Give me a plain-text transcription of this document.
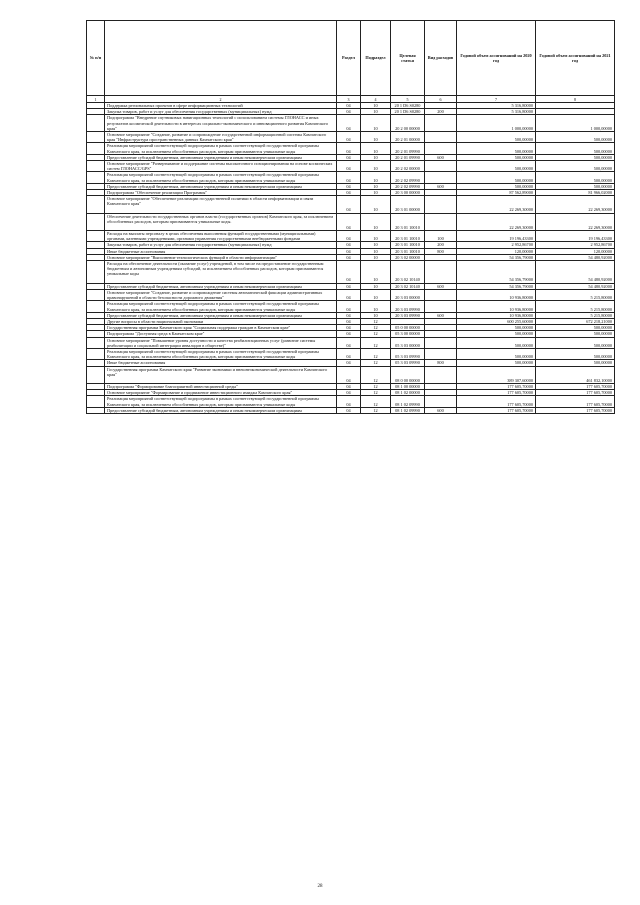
№ п/п		Раздел	Подраздел	Целевая статья	Вид расходов	Годовой объем ассигнований на 2020 год	Годовой объем ассигнований на 2021 год
1	2	3	4	5	6	7	8
	Поддержка региональных проектов в сфере информационных технологий	04	10	20 1 D6 S0280		5 316,80000	
	Закупка товаров, работ и услуг для обеспечения государственных (муниципальных) нужд	04	10	20 1 D6 S0280	200	5 316,80000	
	Подпрограмма "Внедрение спутниковых навигационных технологий с использованием системы ГЛОНАСС и иных результатов космической деятельности в интересах социально-экономического и инновационного развития Камчатского края"	04	10	20 2 00 00000		1 000,00000	1 000,00000
	Основное мероприятие "Создание, развитие и сопровождение государственной информационной системы Камчатского края "Инфраструктура пространственных данных Камчатского края"	04	10	20 2 01 00000		500,00000	500,00000
	Реализация мероприятий соответствующей подпрограммы в рамках соответствующей государственной программы Камчатского края, за исключением обособленных расходов, которым присваиваются уникальные коды	04	10	20 2 01 09990		500,00000	500,00000
	Предоставление субсидий бюджетным, автономным учреждениям и иным некоммерческим организациям	04	10	20 2 01 09990	600	500,00000	500,00000
	Основное мероприятие "Развертывание и поддержание системы высокоточного позиционирования на основе космических систем ГЛОНАСС/GPS"	04	10	20 2 02 00000		500,00000	500,00000
	Реализация мероприятий соответствующей подпрограммы в рамках соответствующей государственной программы Камчатского края, за исключением обособленных расходов, которым присваиваются уникальные коды	04	10	20 2 02 09990		500,00000	500,00000
	Предоставление субсидий бюджетным, автономным учреждениям и иным некоммерческим организациям	04	10	20 2 02 09990	600	500,00000	500,00000
	Подпрограмма "Обеспечение реализации Программы"	04	10	20 3 00 00000		87 562,89000	81 966,02000
	Основное мероприятие "Обеспечение реализации государственной политики в области информатизации и связи Камчатского края"	04	10	20 3 01 00000		22 269,30000	22 269,30000
	Обеспечение деятельности государственных органов власти (государственных органов) Камчатского края, за исключением обособленных расходов, которым присваиваются уникальные коды.	04	10	20 3 01 10010		22 269,30000	22 269,30000
	Расходы на выплаты персоналу в целях обеспечения выполнения функций государственными (муниципальными) органами, казенными учреждениями, органами управления государственными внебюджетными фондами	04	10	20 3 01 10010	100	19 196,43300	19 196,43300
	Закупка товаров, работ и услуг для обеспечения государственных (муниципальных) нужд	04	10	20 3 01 10010	200	2 952,86700	2 952,86700
	Иные бюджетные ассигнования	04	10	20 3 01 10010	800	120,00000	120,00000
	Основное мероприятие "Выполнение технологических функций в области информатизации"	04	10	20 3 02 00000		54 356,79000	54 480,92000
	Расходы на обеспечение деятельности (оказание услуг) учреждений, в том числе на предоставление государственным бюджетным и автономным учреждениям субсидий, за исключением обособленных расходов, которым присваиваются уникальные коды	04	10	20 3 02 10140		54 356,79000	54 480,92000
	Предоставление субсидий бюджетным, автономным учреждениям и иным некоммерческим организациям	04	10	20 3 02 10140	600	54 356,79000	54 480,92000
	Основное мероприятие "Создание, развитие и сопровождение системы автоматической фиксации административных правонарушений в области безопасности дорожного движения"	04	10	20 3 03 00000		10 936,80000	5 215,80000
	Реализация мероприятий соответствующей подпрограммы в рамках соответствующей государственной программы Камчатского края, за исключением обособленных расходов, которым присваиваются уникальные коды	04	10	20 3 03 09990		10 936,80000	5 215,80000
	Предоставление субсидий бюджетным, автономным учреждениям и иным некоммерческим организациям	04	10	20 3 03 09990	600	10 936,80000	5 215,80000
	Другие вопросы в области национальной экономики	04	12			600 255,60000	672 218,21000
	Государственная программа Камчатского края "Социальная поддержка граждан в Камчатском крае"	04	12	05 0 00 00000		500,00000	500,00000
	Подпрограмма "Доступная среда в Камчатском крае"	04	12	05 3 00 00000		500,00000	500,00000
	Основное мероприятие "Повышение уровня доступности и качества реабилитационных услуг (развитие системы реабилитации и социальной интеграции инвалидов в обществе)"	04	12	05 3 03 00000		500,00000	500,00000
	Реализация мероприятий соответствующей подпрограммы в рамках соответствующей государственной программы Камчатского края, за исключением обособленных расходов, которым присваиваются уникальные коды	04	12	05 3 03 09990		500,00000	500,00000
	Иные бюджетные ассигнования	04	12	05 3 03 09990	800	500,00000	500,00000
	Государственная программа Камчатского края "Развитие экономики и внешнеэкономической деятельности Камчатского края"	04	12	08 0 00 00000		389 307,60000	461 832,10000
	Подпрограмма "Формирование благоприятной инвестиционной среды"	04	12	08 1 00 00000		177 605,70000	177 605,70000
	Основное мероприятие "Формирование и продвижение инвестиционного имиджа Камчатского края"	04	12	08 1 02 00000		177 605,70000	177 605,70000
	Реализация мероприятий соответствующей подпрограммы в рамках соответствующей государственной программы Камчатского края, за исключением обособленных расходов, которым присваиваются уникальные коды	04	12	08 1 02 09990		177 605,70000	177 605,70000
	Предоставление субсидий бюджетным, автономным учреждениям и иным некоммерческим организациям	04	12	08 1 02 09990	600	177 605,70000	177 605,70000
28
